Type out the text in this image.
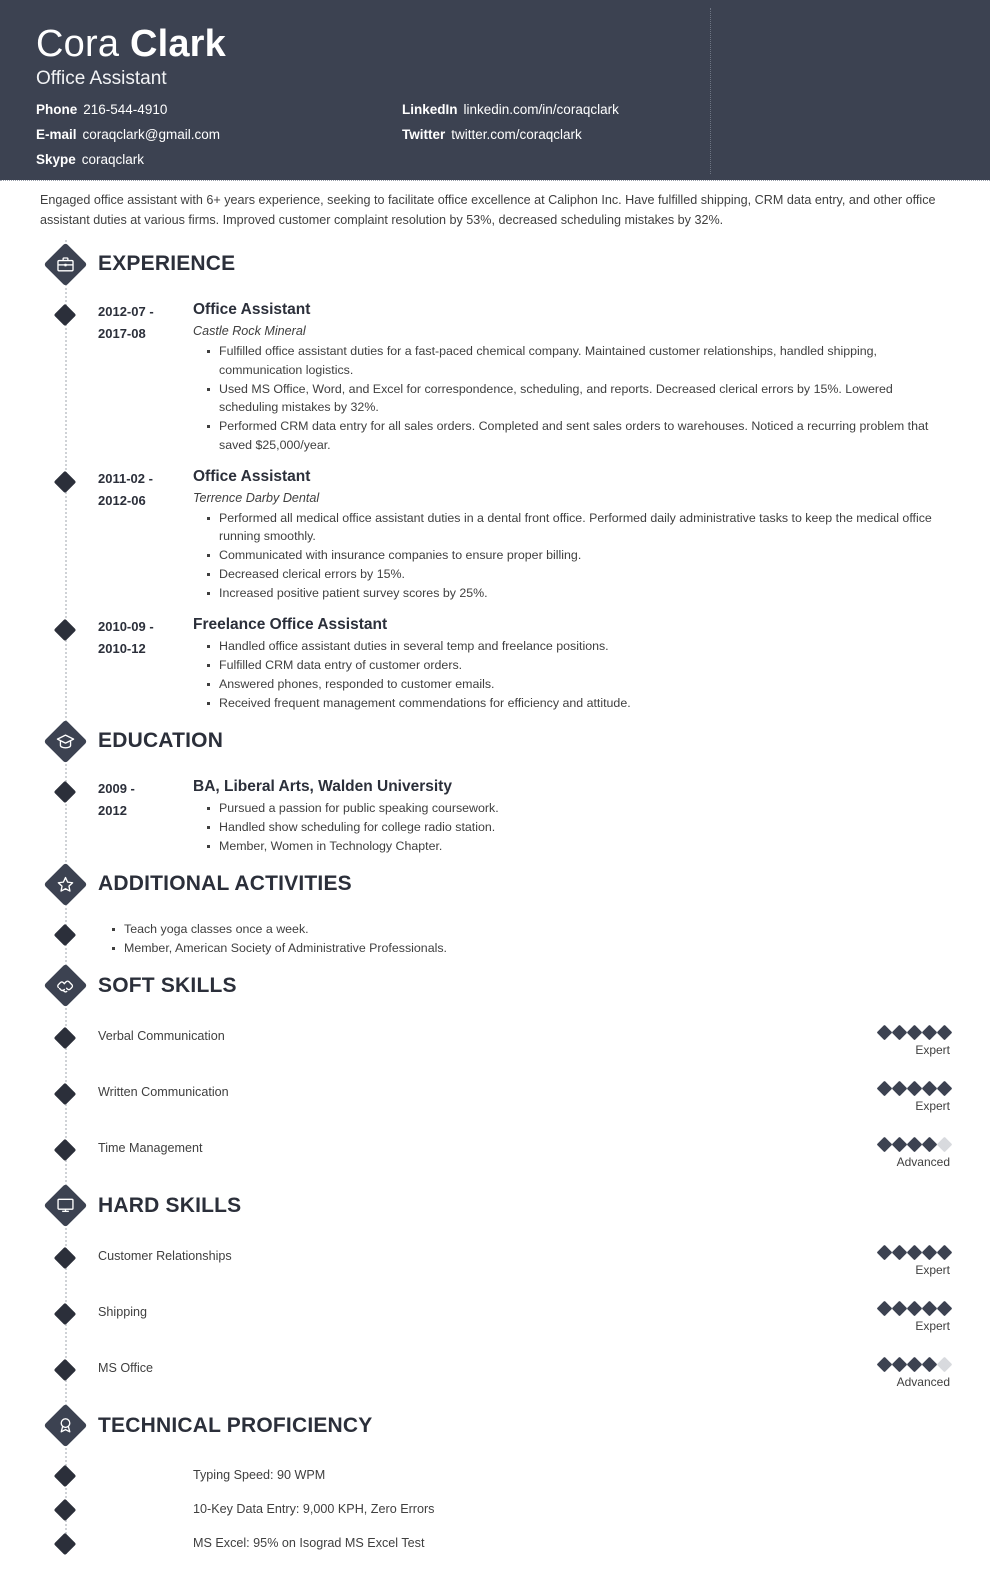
Cora Clark
Office Assistant
Phone 216-544-4910	LinkedIn linkedin.com/in/coraqclark
E-mail coraqclark@gmail.com	Twitter twitter.com/coraqclark
Skype coraqclark
Engaged office assistant with 6+ years experience, seeking to facilitate office excellence at Caliphon Inc. Have fulfilled shipping, CRM data entry, and other office assistant duties at various firms. Improved customer complaint resolution by 53%, decreased scheduling mistakes by 32%.
EXPERIENCE
2012-07 -
2017-08
Office Assistant
Castle Rock Mineral
Fulfilled office assistant duties for a fast-paced chemical company. Maintained customer relationships, handled shipping, communication logistics.
Used MS Office, Word, and Excel for correspondence, scheduling, and reports. Decreased clerical errors by 15%. Lowered scheduling mistakes by 32%.
Performed CRM data entry for all sales orders. Completed and sent sales orders to warehouses. Noticed a recurring problem that saved $25,000/year.
2011-02 -
2012-06
Office Assistant
Terrence Darby Dental
Performed all medical office assistant duties in a dental front office. Performed daily administrative tasks to keep the medical office running smoothly.
Communicated with insurance companies to ensure proper billing.
Decreased clerical errors by 15%.
Increased positive patient survey scores by 25%.
2010-09 -
2010-12
Freelance Office Assistant
Handled office assistant duties in several temp and freelance positions.
Fulfilled CRM data entry of customer orders.
Answered phones, responded to customer emails.
Received frequent management commendations for efficiency and attitude.
EDUCATION
2009 -
2012
BA, Liberal Arts, Walden University
Pursued a passion for public speaking coursework.
Handled show scheduling for college radio station.
Member, Women in Technology Chapter.
ADDITIONAL ACTIVITIES
Teach yoga classes once a week.
Member, American Society of Administrative Professionals.
SOFT SKILLS
Verbal Communication
Expert
Written Communication
Expert
Time Management
Advanced
HARD SKILLS
Customer Relationships
Expert
Shipping
Expert
MS Office
Advanced
TECHNICAL PROFICIENCY
Typing Speed: 90 WPM
10-Key Data Entry: 9,000 KPH, Zero Errors
MS Excel: 95% on Isograd MS Excel Test
